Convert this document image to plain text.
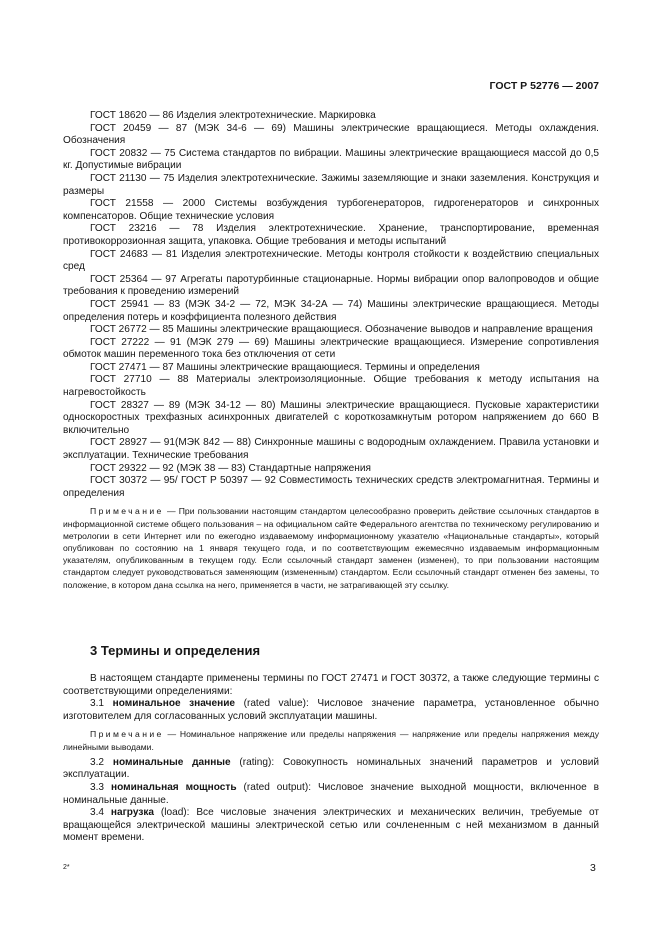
ГОСТ Р 52776 — 2007

ГОСТ 18620 — 86 Изделия электротехнические. Маркировка

ГОСТ 20459 — 87 (МЭК 34-6 — 69) Машины электрические вращающиеся. Методы охлаждения. Обозначения

ГОСТ 20832 — 75 Система стандартов по вибрации. Машины электрические вращающиеся массой до 0,5 кг. Допустимые вибрации

ГОСТ 21130 — 75 Изделия электротехнические. Зажимы заземляющие и знаки заземления. Конструкция и размеры

ГОСТ 21558 — 2000 Системы возбуждения турбогенераторов, гидрогенераторов и синхронных компенсаторов. Общие технические условия

ГОСТ 23216 — 78 Изделия электротехнические. Хранение, транспортирование, временная противокоррозионная защита, упаковка. Общие требования и методы испытаний

ГОСТ 24683 — 81 Изделия электротехнические. Методы контроля стойкости к воздействию специальных сред

ГОСТ 25364 — 97 Агрегаты паротурбинные стационарные. Нормы вибрации опор валопроводов и общие требования к проведению измерений

ГОСТ 25941 — 83 (МЭК 34-2 — 72, МЭК 34-2А — 74) Машины электрические вращающиеся. Методы определения потерь и коэффициента полезного действия

ГОСТ 26772 — 85 Машины электрические вращающиеся. Обозначение выводов и направление вращения

ГОСТ 27222 — 91 (МЭК 279 — 69) Машины электрические вращающиеся. Измерение сопротивления обмоток машин переменного тока без отключения от сети

ГОСТ 27471 — 87 Машины электрические вращающиеся. Термины и определения

ГОСТ 27710 — 88 Материалы электроизоляционные. Общие требования к методу испытания на нагревостойкость

ГОСТ 28327 — 89 (МЭК 34-12 — 80) Машины электрические вращающиеся. Пусковые характеристики односкоростных трехфазных асинхронных двигателей с короткозамкнутым ротором напряжением до 660 В включительно

ГОСТ 28927 — 91(МЭК 842 — 88) Синхронные машины с водородным охлаждением. Правила установки и эксплуатации. Технические требования

ГОСТ 29322 — 92 (МЭК 38 — 83) Стандартные напряжения

ГОСТ 30372 — 95/ ГОСТ Р 50397 — 92 Совместимость технических средств электромагнитная. Термины и определения

Примечание — При пользовании настоящим стандартом целесообразно проверить действие ссылочных стандартов в информационной системе общего пользования – на официальном сайте Федерального агентства по техническому регулированию и метрологии в сети Интернет или по ежегодно издаваемому информационному указателю «Национальные стандарты», который опубликован по состоянию на 1 января текущего года, и по соответствующим ежемесячно издаваемым информационным указателям, опубликованным в текущем году. Если ссылочный стандарт заменен (изменен), то при пользовании настоящим стандартом следует руководствоваться заменяющим (измененным) стандартом. Если ссылочный стандарт отменен без замены, то положение, в котором дана ссылка на него, применяется в части, не затрагивающей эту ссылку.

3 Термины и определения

В настоящем стандарте применены термины по ГОСТ 27471 и ГОСТ 30372, а также следующие термины с соответствующими определениями:

3.1 номинальное значение (rated value): Числовое значение параметра, установленное обычно изготовителем для согласованных условий эксплуатации машины.

Примечание — Номинальное напряжение или пределы напряжения — напряжение или пределы напряжения между линейными выводами.

3.2 номинальные данные (rating): Совокупность номинальных значений параметров и условий эксплуатации.

3.3 номинальная мощность (rated output): Числовое значение выходной мощности, включенное в номинальные данные.

3.4 нагрузка (load): Все числовые значения электрических и механических величин, требуемые от вращающейся электрической машины электрической сетью или сочлененным с ней механизмом в данный момент времени.

2*	3
